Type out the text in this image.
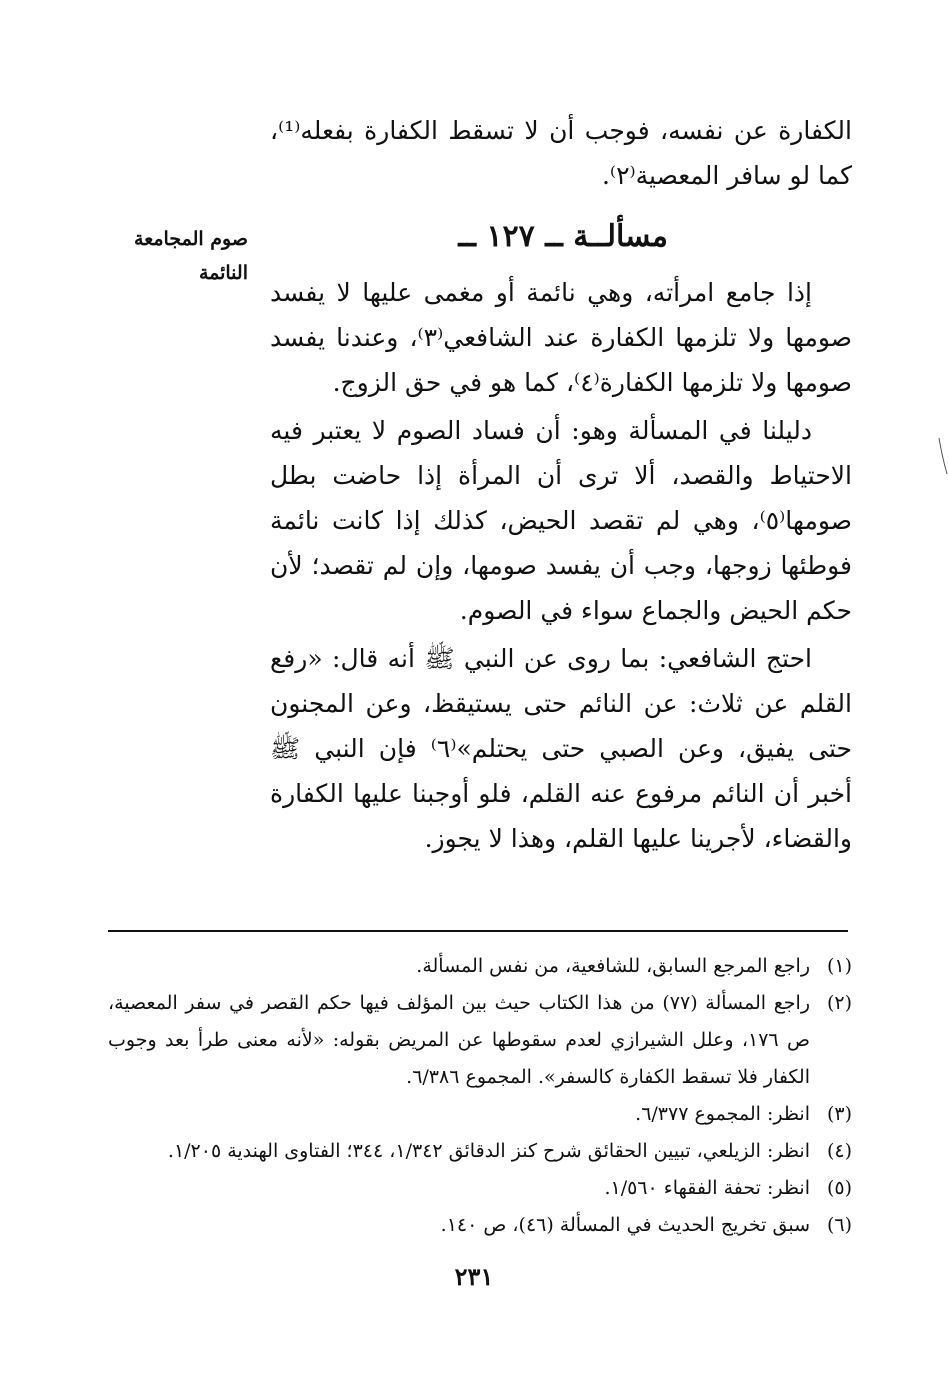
الكفارة عن نفسه، فوجب أن لا تسقط الكفارة بفعله⁽¹⁾، كما لو سافر المعصية⁽٢⁾.
صوم المجامعة النائمة
مسألــة ــ ١٢٧ ــ
إذا جامع امرأته، وهي نائمة أو مغمى عليها لا يفسد صومها ولا تلزمها الكفارة عند الشافعي⁽٣⁾، وعندنا يفسد صومها ولا تلزمها الكفارة⁽٤⁾، كما هو في حق الزوج.
دليلنا في المسألة وهو: أن فساد الصوم لا يعتبر فيه الاحتياط والقصد، ألا ترى أن المرأة إذا حاضت بطل صومها⁽٥⁾، وهي لم تقصد الحيض، كذلك إذا كانت نائمة فوطئها زوجها، وجب أن يفسد صومها، وإن لم تقصد؛ لأن حكم الحيض والجماع سواء في الصوم.
احتج الشافعي: بما روى عن النبي ﷺ أنه قال: «رفع القلم عن ثلاث: عن النائم حتى يستيقظ، وعن المجنون حتى يفيق، وعن الصبي حتى يحتلم»⁽٦⁾ فإن النبي ﷺ أخبر أن النائم مرفوع عنه القلم، فلو أوجبنا عليها الكفارة والقضاء، لأجرينا عليها القلم، وهذا لا يجوز.
(١)
راجع المرجع السابق، للشافعية، من نفس المسألة.
(٢)
راجع المسألة (٧٧) من هذا الكتاب حيث بين المؤلف فيها حكم القصر في سفر المعصية، ص ١٧٦، وعلل الشيرازي لعدم سقوطها عن المريض بقوله: «لأنه معنى طرأ بعد وجوب الكفار فلا تسقط الكفارة كالسفر». المجموع ٦/٣٨٦.
(٣)
انظر: المجموع ٦/٣٧٧.
(٤)
انظر: الزيلعي، تبيين الحقائق شرح كنز الدقائق ١/٣٤٢، ٣٤٤؛ الفتاوى الهندية ١/٢٠٥.
(٥)
انظر: تحفة الفقهاء ١/٥٦٠.
(٦)
سبق تخريج الحديث في المسألة (٤٦)، ص ١٤٠.
٢٣١
